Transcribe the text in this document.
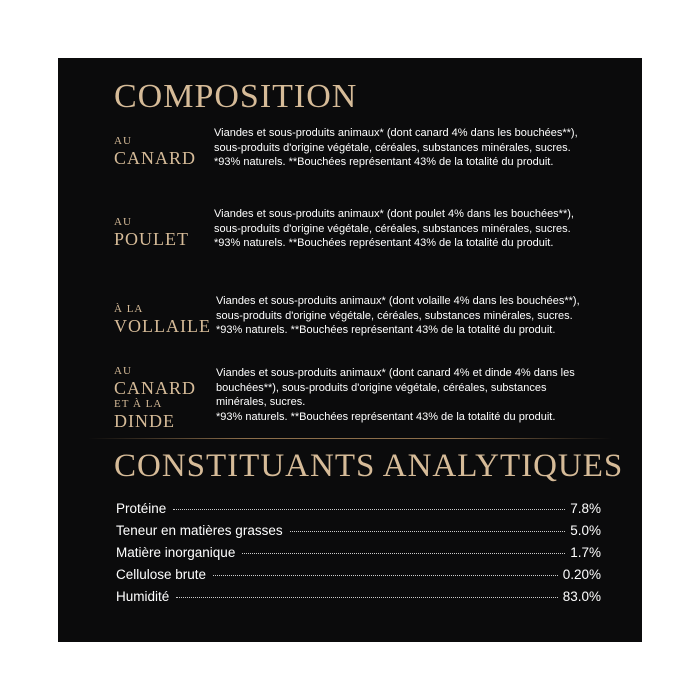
COMPOSITION
AU
CANARD

Viandes et sous-produits animaux* (dont canard 4% dans les bouchées**), sous-produits d'origine végétale, céréales, substances minérales, sucres.

*93% naturels. **Bouchées représentant 43% de la totalité du produit.

AU
POULET

Viandes et sous-produits animaux* (dont poulet 4% dans les bouchées**), sous-produits d'origine végétale, céréales, substances minérales, sucres.

*93% naturels. **Bouchées représentant 43% de la totalité du produit.

À LA
VOLLAILE

Viandes et sous-produits animaux* (dont volaille 4% dans les bouchées**), sous-produits d'origine végétale, céréales, substances minérales, sucres.

*93% naturels. **Bouchées représentant 43% de la totalité du produit.

AU
CANARD
ET À LA
DINDE

Viandes et sous-produits animaux* (dont canard 4% et dinde 4% dans les bouchées**), sous-produits d'origine végétale, céréales, substances minérales, sucres.

*93% naturels. **Bouchées représentant 43% de la totalité du produit.

CONSTITUANTS ANALYTIQUES
Protéine	7.8%
Teneur en matières grasses	5.0%
Matière inorganique	1.7%
Cellulose brute	0.20%
Humidité	83.0%
